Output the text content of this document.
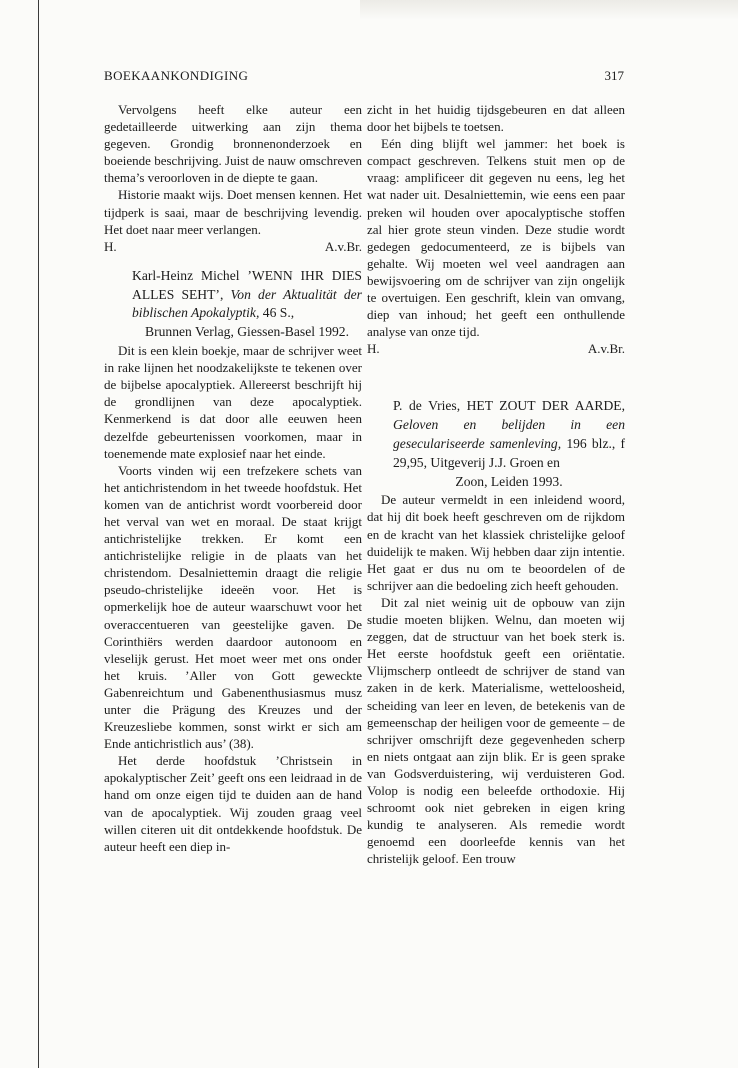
BOEKAANKONDIGING	317

Vervolgens heeft elke auteur een gedetailleerde uitwerking aan zijn thema gegeven. Grondig bronnenonderzoek en boeiende beschrijving. Juist de nauw omschreven thema’s veroorloven in de diepte te gaan.

Historie maakt wijs. Doet mensen kennen. Het tijdperk is saai, maar de beschrijving levendig. Het doet naar meer verlangen.

H.	A.v.Br.

Karl-Heinz Michel ’WENN IHR DIES ALLES SEHT’, Von der Aktualität der biblischen Apokalyptik, 46 S.,

Brunnen Verlag, Giessen-Basel 1992.

Dit is een klein boekje, maar de schrijver weet in rake lijnen het noodzakelijkste te tekenen over de bijbelse apocalyptiek. Allereerst beschrijft hij de grondlijnen van deze apocalyptiek. Kenmerkend is dat door alle eeuwen heen dezelfde gebeurtenissen voorkomen, maar in toenemende mate explosief naar het einde.

Voorts vinden wij een trefzekere schets van het antichristendom in het tweede hoofdstuk. Het komen van de antichrist wordt voorbereid door het verval van wet en moraal. De staat krijgt antichristelijke trekken. Er komt een antichristelijke religie in de plaats van het christendom. Desalniettemin draagt die religie pseudo-christelijke ideeën voor. Het is opmerkelijk hoe de auteur waarschuwt voor het overaccentueren van geestelijke gaven. De Corinthiërs werden daardoor autonoom en vleselijk gerust. Het moet weer met ons onder het kruis. ’Aller von Gott geweckte Gabenreichtum und Gabenenthusiasmus musz unter die Prägung des Kreuzes und der Kreuzesliebe kommen, sonst wirkt er sich am Ende antichristlich aus’ (38).

Het derde hoofdstuk ’Christsein in apokalyptischer Zeit’ geeft ons een leidraad in de hand om onze eigen tijd te duiden aan de hand van de apocalyptiek. Wij zouden graag veel willen citeren uit dit ontdekkende hoofdstuk. De auteur heeft een diep in-

zicht in het huidig tijdsgebeuren en dat alleen door het bijbels te toetsen.

Eén ding blijft wel jammer: het boek is compact geschreven. Telkens stuit men op de vraag: amplificeer dit gegeven nu eens, leg het wat nader uit. Desalniettemin, wie eens een paar preken wil houden over apocalyptische stoffen zal hier grote steun vinden. Deze studie wordt gedegen gedocumenteerd, ze is bijbels van gehalte. Wij moeten wel veel aandragen aan bewijsvoering om de schrijver van zijn ongelijk te overtuigen. Een geschrift, klein van omvang, diep van inhoud; het geeft een onthullende analyse van onze tijd.

H.	A.v.Br.

P. de Vries, HET ZOUT DER AARDE, Geloven en belijden in een geseculariseerde samenleving, 196 blz., f 29,95, Uitgeverij J.J. Groen en

Zoon, Leiden 1993.

De auteur vermeldt in een inleidend woord, dat hij dit boek heeft geschreven om de rijkdom en de kracht van het klassiek christelijke geloof duidelijk te maken. Wij hebben daar zijn intentie. Het gaat er dus nu om te beoordelen of de schrijver aan die bedoeling zich heeft gehouden.

Dit zal niet weinig uit de opbouw van zijn studie moeten blijken. Welnu, dan moeten wij zeggen, dat de structuur van het boek sterk is. Het eerste hoofdstuk geeft een oriëntatie. Vlijmscherp ontleedt de schrijver de stand van zaken in de kerk. Materialisme, wetteloosheid, scheiding van leer en leven, de betekenis van de gemeenschap der heiligen voor de gemeente – de schrijver omschrijft deze gegevenheden scherp en niets ontgaat aan zijn blik. Er is geen sprake van Godsverduistering, wij verduisteren God. Volop is nodig een beleefde orthodoxie. Hij schroomt ook niet gebreken in eigen kring kundig te analyseren. Als remedie wordt genoemd een doorleefde kennis van het christelijk geloof. Een trouw
